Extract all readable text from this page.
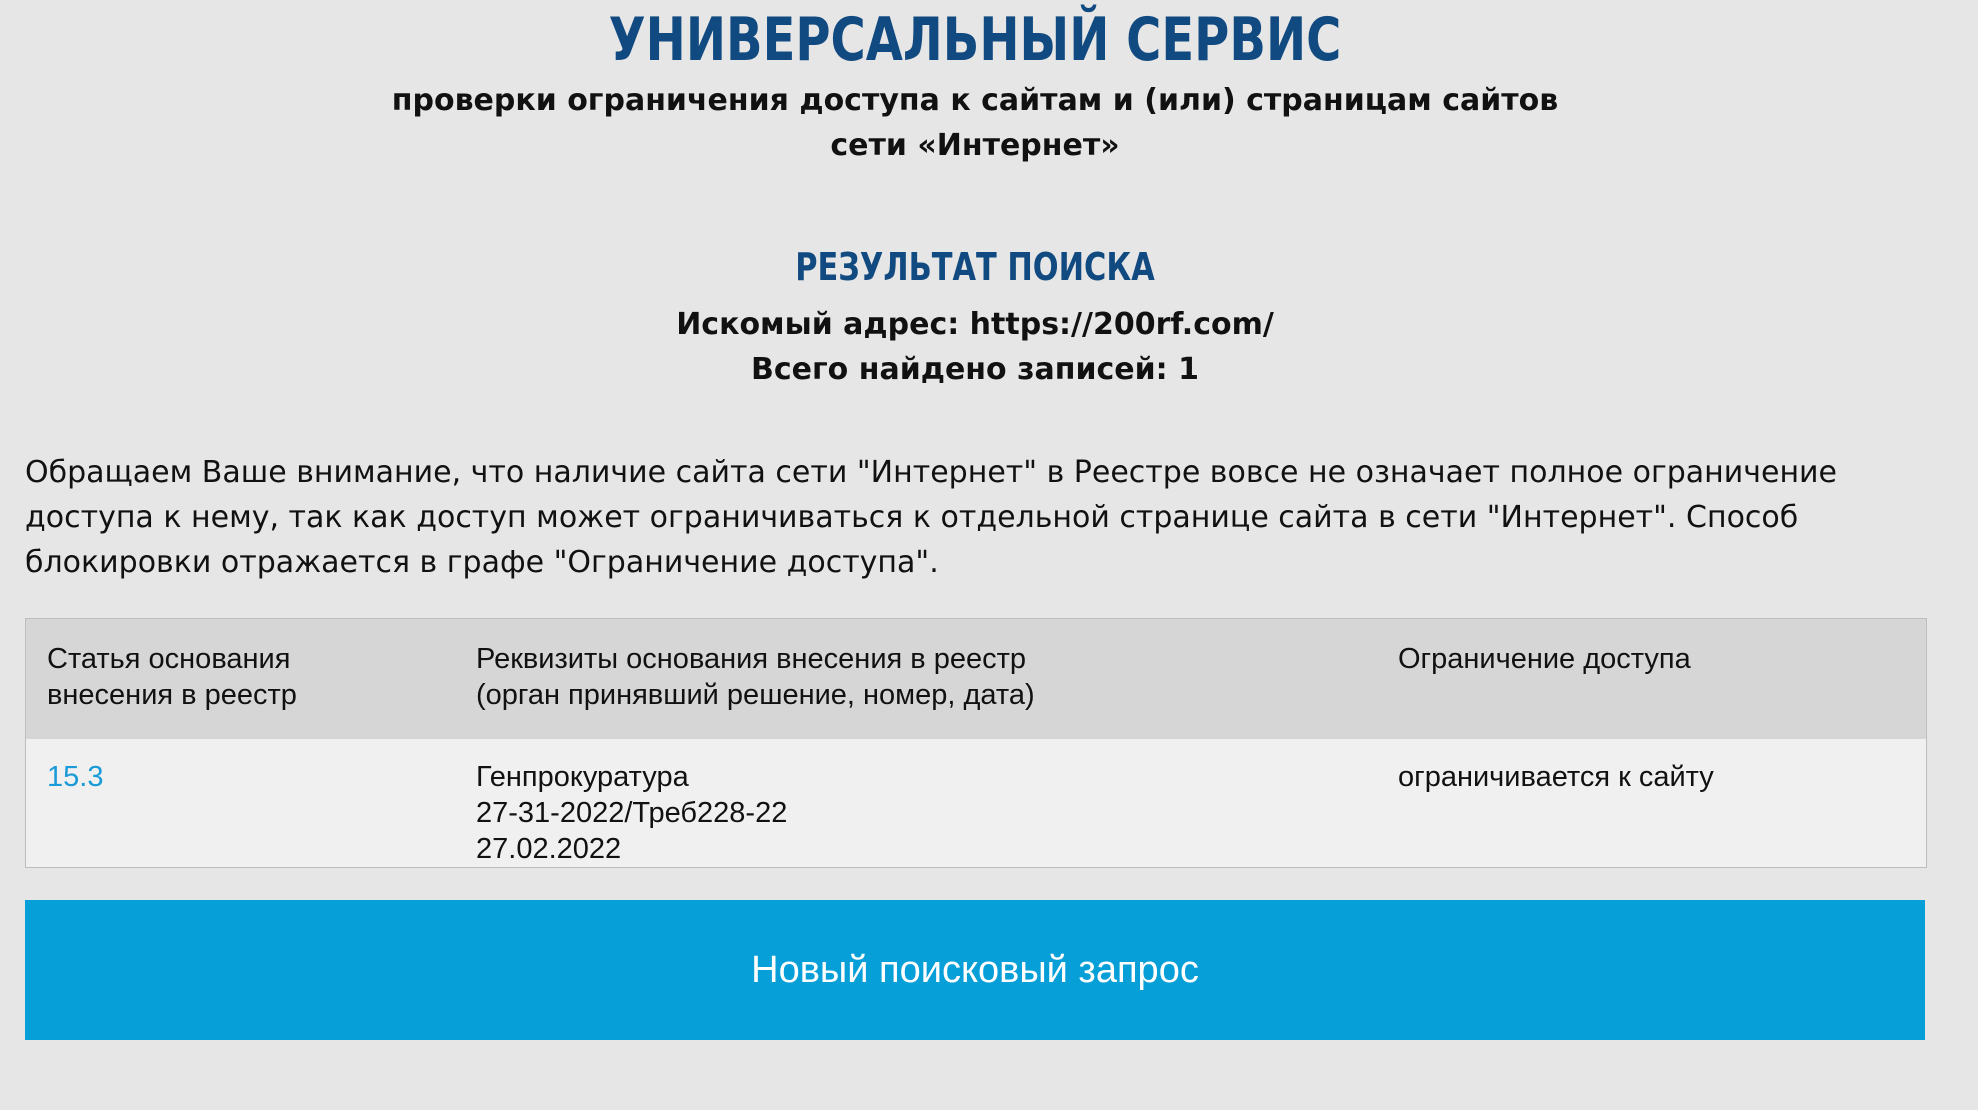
УНИВЕРСАЛЬНЫЙ СЕРВИС
проверки ограничения доступа к сайтам и (или) страницам сайтов
сети «Интернет»
РЕЗУЛЬТАТ ПОИСКА
Искомый адрес: https://200rf.com/
Всего найдено записей: 1
Обращаем Ваше внимание, что наличие сайта сети "Интернет" в Реестре вовсе не означает полное ограничение доступа к нему, так как доступ может ограничиваться к отдельной странице сайта в сети "Интернет". Способ блокировки отражается в графе "Ограничение доступа".
Статья основания
внесения в реестр
Реквизиты основания внесения в реестр
(орган принявший решение, номер, дата)
Ограничение доступа
15.3	Генпрокуратура
27-31-2022/Треб228-22
27.02.2022
ограничивается к сайту
Новый поисковый запрос
